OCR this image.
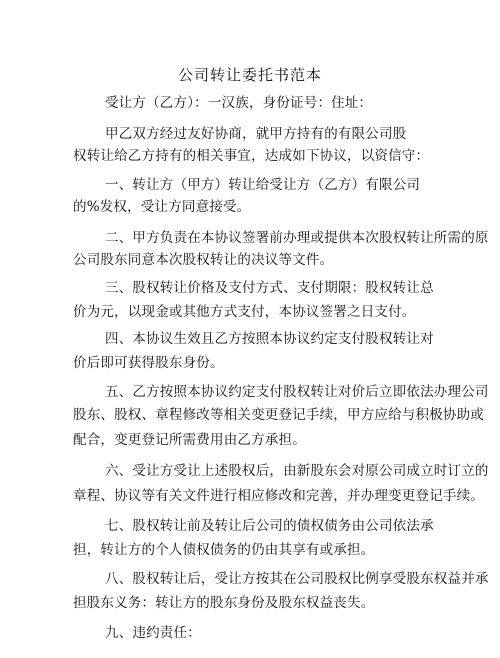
公司转让委托书范本
受让方（乙方）：一汉族，身份证号：住址：
甲乙双方经过友好协商，就甲方持有的有限公司股
权转让给乙方持有的相关事宜，达成如下协议，以资信守：
一、转让方（甲方）转让给受让方（乙方）有限公司
的%发权，受让方同意接受。
二、甲方负责在本协议签署前办理或提供本次股权转让所需的原
公司股东同意本次股权转让的决议等文件。
三、股权转让价格及支付方式、支付期限：股权转让总
价为元，以现金或其他方式支付，本协议签署之日支付。
四、本协议生效且乙方按照本协议约定支付股权转让对
价后即可获得股东身份。
五、乙方按照本协议约定支付股权转让对价后立即依法办理公司
股东、股权、章程修改等相关变更登记手续，甲方应给与积极协助或
配合，变更登记所需费用由乙方承担。
六、受让方受让上述股权后，由新股东会对原公司成立时订立的
章程、协议等有关文件进行相应修改和完善，并办理变更登记手续。
七、股权转让前及转让后公司的债权债务由公司依法承
担，转让方的个人债权债务的仍由其享有或承担。
八、股权转让后，受让方按其在公司股权比例享受股东权益并承
担股东义务：转让方的股东身份及股东权益丧失。
九、违约责任：
